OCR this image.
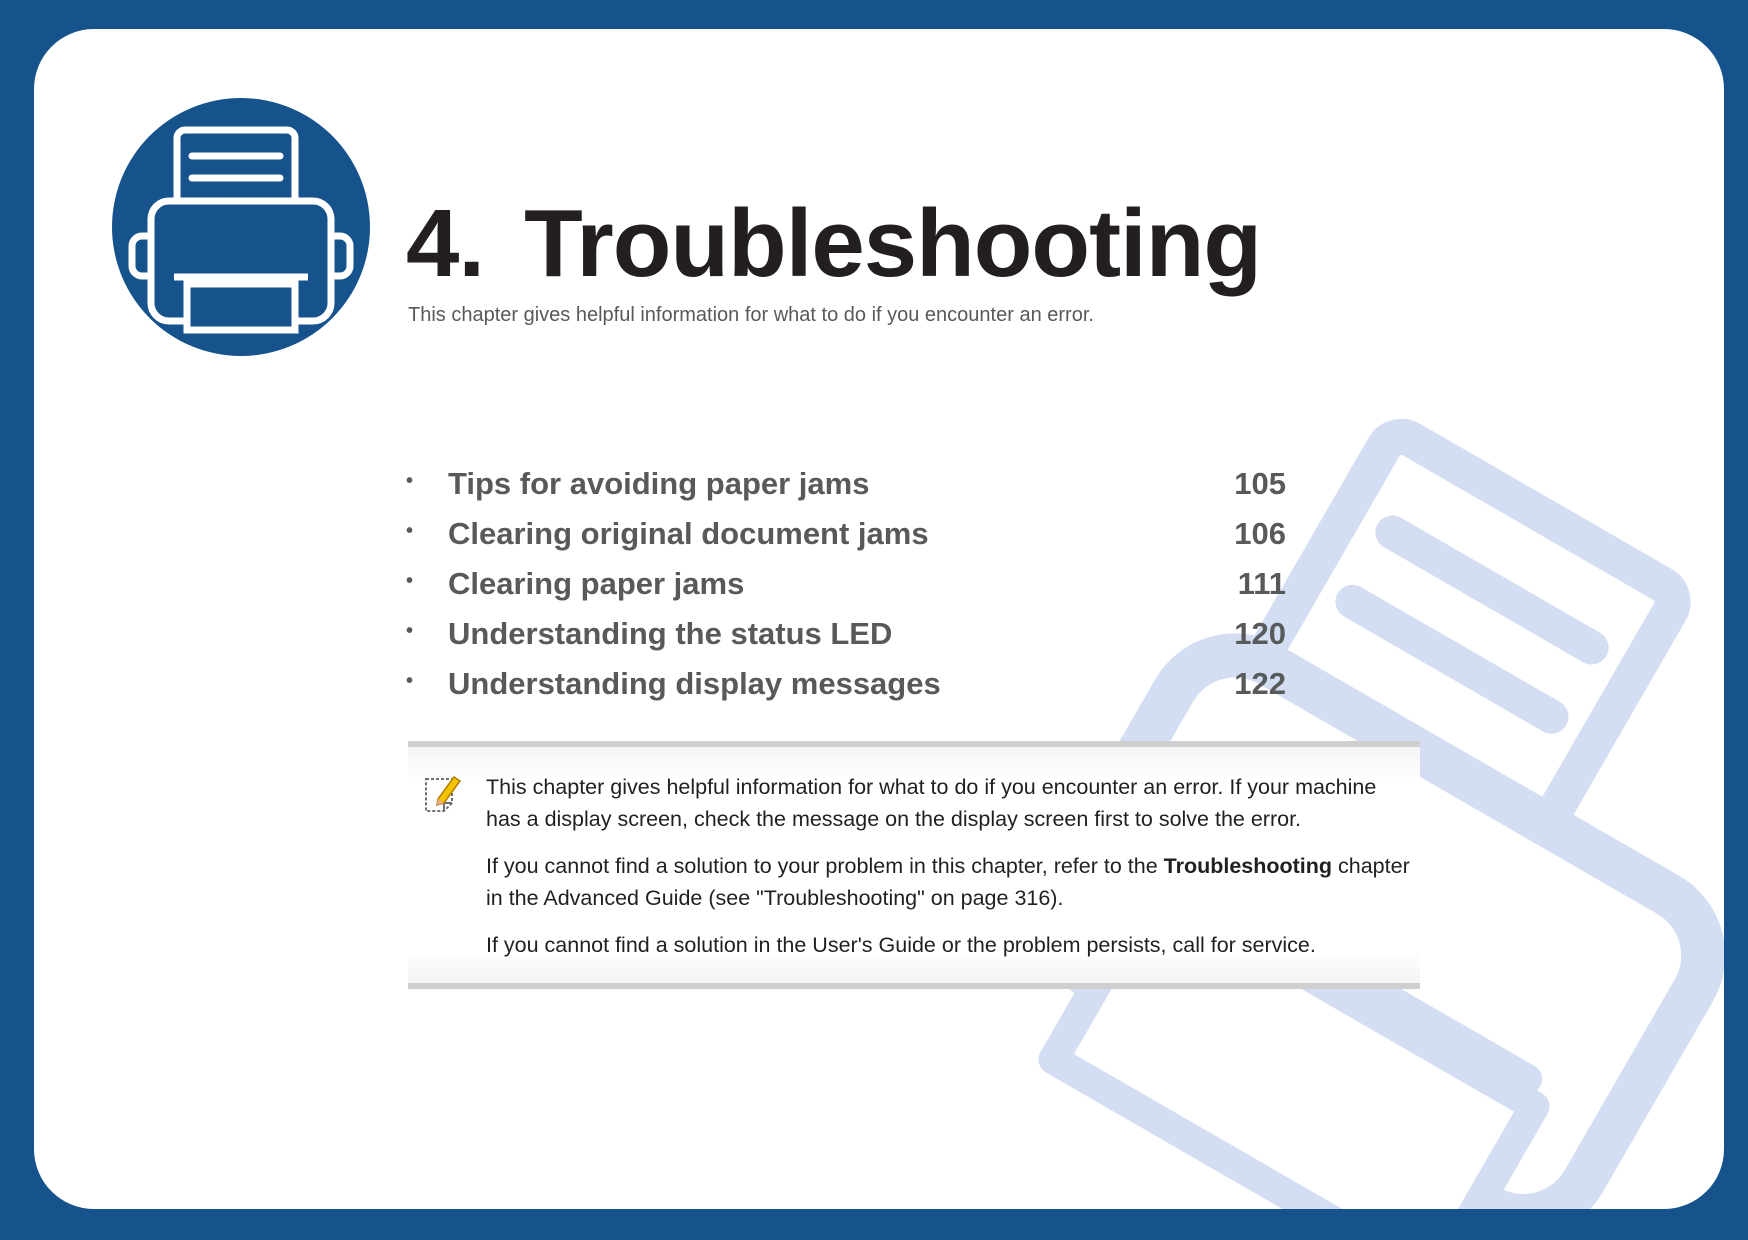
4. Troubleshooting

This chapter gives helpful information for what to do if you encounter an error.

• Tips for avoiding paper jams	105
• Clearing original document jams	106
• Clearing paper jams	111
• Understanding the status LED	120
• Understanding display messages	122

This chapter gives helpful information for what to do if you encounter an error. If your machine has a display screen, check the message on the display screen first to solve the error.

If you cannot find a solution to your problem in this chapter, refer to the Troubleshooting chapter in the Advanced Guide (see "Troubleshooting" on page 316).

If you cannot find a solution in the User's Guide or the problem persists, call for service.
